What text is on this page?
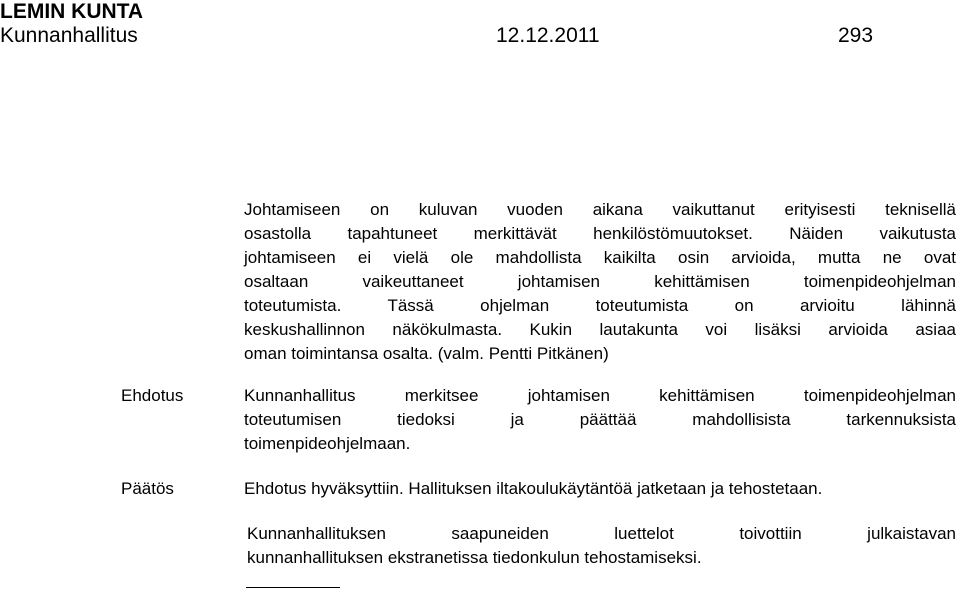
LEMIN KUNTA
Kunnanhallitus	12.12.2011	293
Johtamiseen on kuluvan vuoden aikana vaikuttanut erityisesti teknisellä
osastolla tapahtuneet merkittävät henkilöstömuutokset. Näiden vaikutusta
johtamiseen ei vielä ole mahdollista kaikilta osin arvioida, mutta ne ovat
osaltaan vaikeuttaneet johtamisen kehittämisen toimenpideohjelman
toteutumista. Tässä ohjelman toteutumista on arvioitu lähinnä
keskushallinnon näkökulmasta. Kukin lautakunta voi lisäksi arvioida asiaa
oman toimintansa osalta. (valm. Pentti Pitkänen)
Ehdotus	Kunnanhallitus merkitsee johtamisen kehittämisen toimenpideohjelman
toteutumisen tiedoksi ja päättää mahdollisista tarkennuksista
toimenpideohjelmaan.
Päätös	Ehdotus hyväksyttiin. Hallituksen iltakoulukäytäntöä jatketaan ja tehostetaan.
Kunnanhallituksen saapuneiden luettelot toivottiin julkaistavan
kunnanhallituksen ekstranetissa tiedonkulun tehostamiseksi.
